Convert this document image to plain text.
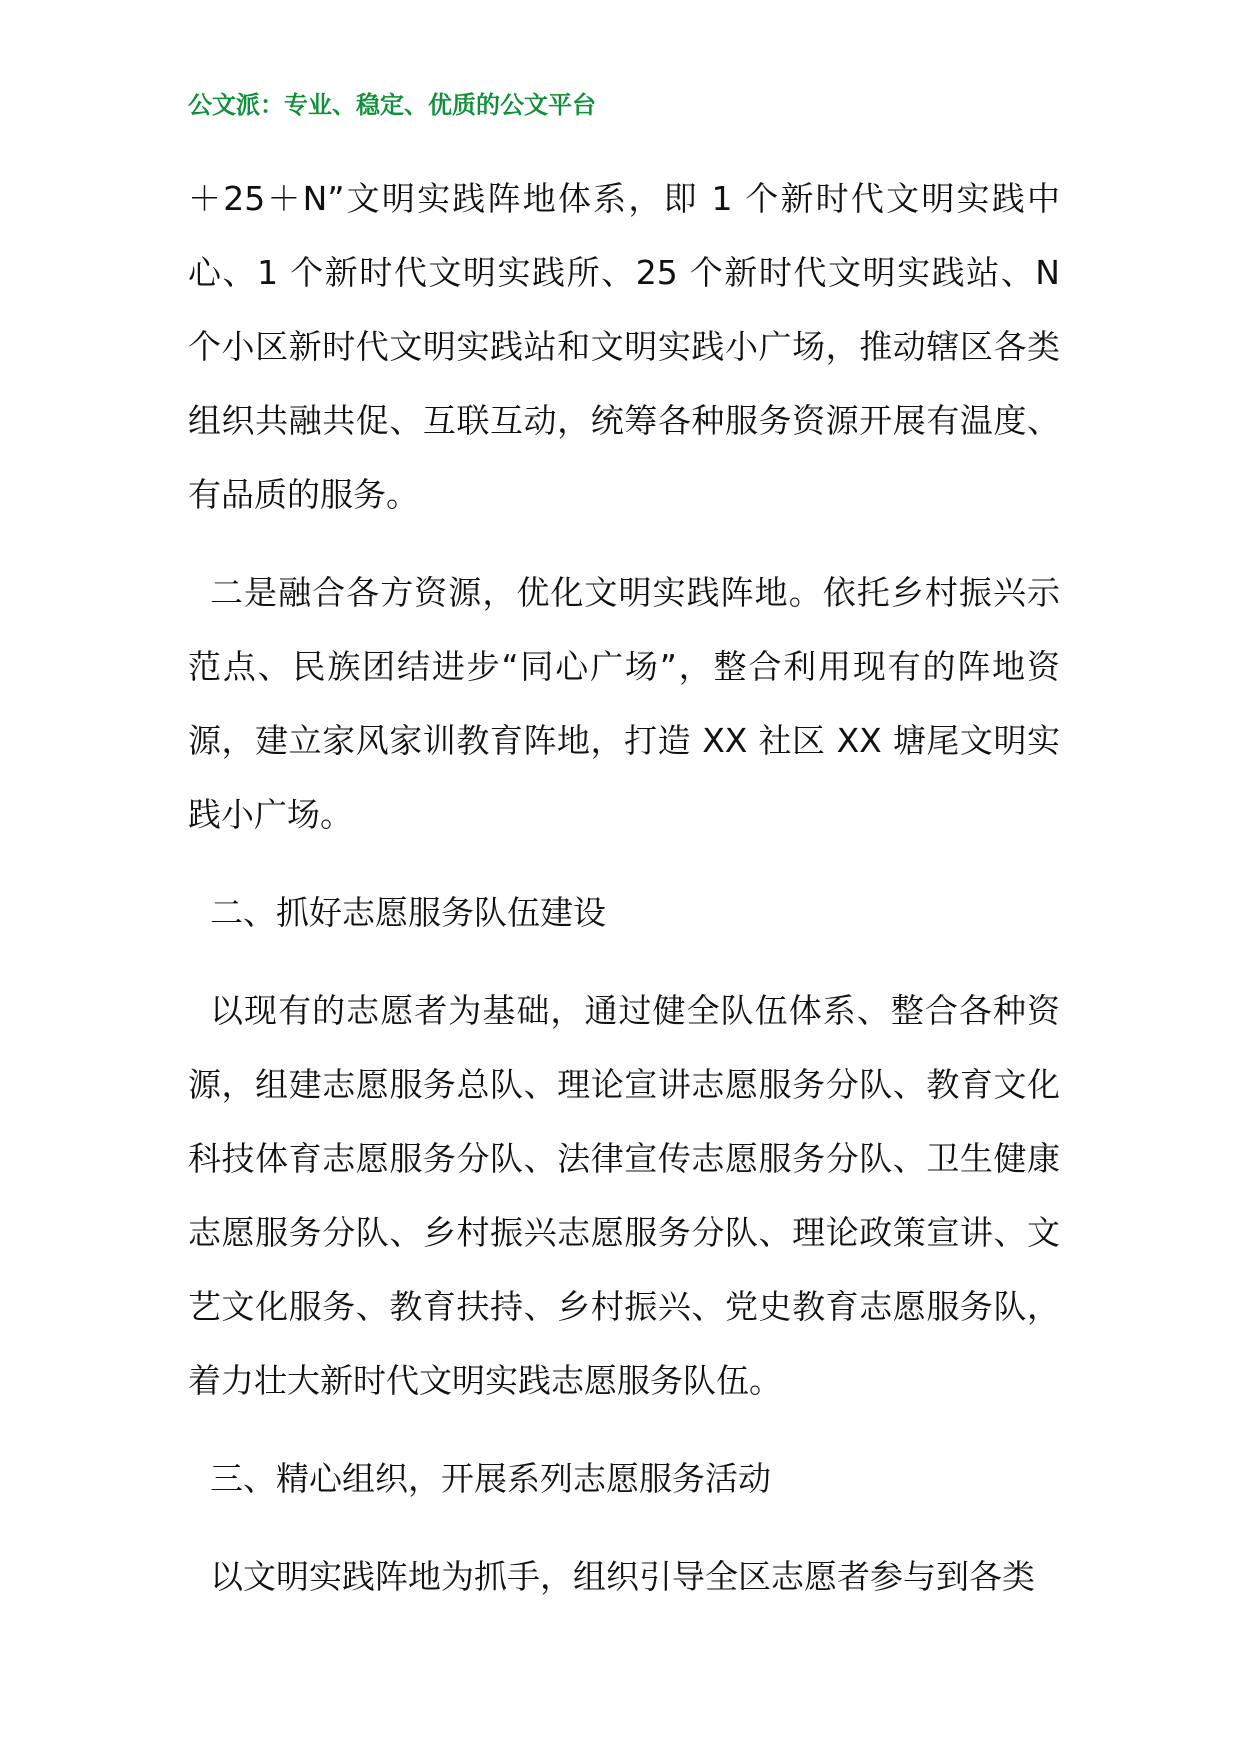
公文派：专业、稳定、优质的公文平台

＋25＋N”文明实践阵地体系，即 1 个新时代文明实践中心、1 个新时代文明实践所、25 个新时代文明实践站、N 个小区新时代文明实践站和文明实践小广场，推动辖区各类组织共融共促、互联互动，统筹各种服务资源开展有温度、有品质的服务。

二是融合各方资源，优化文明实践阵地。依托乡村振兴示范点、民族团结进步“同心广场”，整合利用现有的阵地资源，建立家风家训教育阵地，打造 XX 社区 XX 塘尾文明实践小广场。

二、抓好志愿服务队伍建设

以现有的志愿者为基础，通过健全队伍体系、整合各种资源，组建志愿服务总队、理论宣讲志愿服务分队、教育文化科技体育志愿服务分队、法律宣传志愿服务分队、卫生健康志愿服务分队、乡村振兴志愿服务分队、理论政策宣讲、文艺文化服务、教育扶持、乡村振兴、党史教育志愿服务队，着力壮大新时代文明实践志愿服务队伍。

三、精心组织，开展系列志愿服务活动

以文明实践阵地为抓手，组织引导全区志愿者参与到各类
